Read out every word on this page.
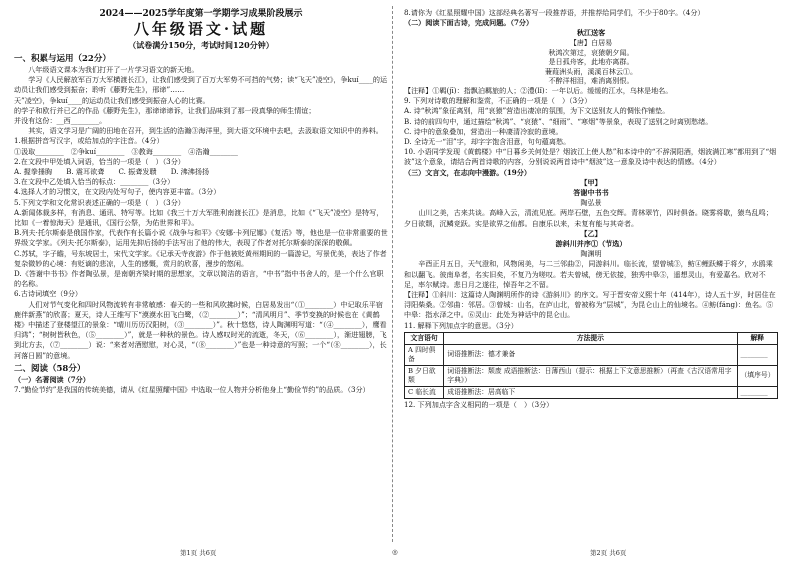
2024——2025学年度第一学期学习成果阶段展示
八年级语文·试题
（试卷满分150分，考试时间120分钟）
一、积累与运用（22分）
八年级语文课本为我们打开了一片学习语文的新天地。
学习《人民解放军百万大军横渡长江》，让我们感受到了百万大军势不可挡的气势；读“飞天”凌空》，争kuí____的运动员让我们感受到振奋；聆听《藤野先生》，邢谛”……
天”凌空》，争kuí____的运动员让我们感受到振奋人心的比赛。
的学子和欧行并已乙的作品《藤野先生》，那谛谛谛诉，让我们品味到了那一段真挚的师生情谊；
并没有这份：__西________。
其实，语文学习是广阔的田地在召开，到生活的浩瀚③海洋里，到大语文环境中去吧，去汲取语文知识中的养料。
1.根据拼音写汉字，或给加点的字注音。（4分）
①汲取________　②争kuí________　③教诲________　④浩瀚________
2.在文段中甲处填入词语，恰当的一项是（　）（3分）
A. 握拳捶胸　　B. 震耳欲聋　　C. 振聋发聩　　D. 沸沸扬扬
3.在文段中乙处填入恰当的标点：________（3分）
4.选择人才的习惯文，在文段内处写句子，使内容更丰富。（3分）
5.下列文学和文化常识表述正确的一项是（　）（3分）
A.新闻体裁多样，有消息、通讯、特写等。比如《我三十万大军胜利南渡长江》是消息，比如《“飞天”凌空》是特写，比如《一着惊海天》是通讯，《国行公祭，为佑世界和平》。
B.列夫·托尔斯泰是俄国作家，代表作有长篇小说《战争与和平》《安娜·卡列尼娜》《复活》等，他也是一位非常重要的世界级文学家。《列夫·托尔斯泰》，运用先抑后扬的手法写出了他的伟大，表现了作者对托尔斯泰的深深的敬佩。
C.苏轼，字子瞻，号东坡居士，宋代文学家。《记承天寺夜游》作于他被贬黄州期间的一篇游记，写景优美，表达了作者复杂微妙的心境：有贬谪的悲凉，人生的感慨，赏月的欣喜，漫步的悠闲。
D.《答谢中书书》作者陶弘景，是南朝齐梁时期的思想家，文章以简洁的语言，“中书”指中书舍人的，是一个什么官职的名称。
6.古诗词填空（9分）
人们对节气变化和四时风物流转有非常敏感：春天的一些和风吹拂时候，白居易发出“（①________）中记取乐平宿鹿伴新燕”的欣喜；夏天，诗人王维写下“漠漠水田飞白鹭，（②________）”；“清风明月”、季节变换的时候也在《黄鹤楼》中描述了登楼望江的景象：“晴川历历汉阳树，（③________）”。秋十悠悠，诗人陶渊明写道：“（④________），鹰看归鸿”；“树树皆秋色，（⑤________）”，就是一种秋的景色。诗人感叹时光的流逝，冬天，（⑥________），渐进翅膀，飞到北方去，（⑦________）说：“来者对酒慰慰，对心灵，“（⑧________）”也是一种诗意的写照；一个“（⑧________），长河落日圆”的意境。
二、阅读（58分）
（一）名著阅读（7分）
7.“勤俭节约”是我国的传统美德，请从《红星照耀中国》中选取一位人物并分析他身上“勤俭节约”的品质。（3分）
8.请你为《红星照耀中国》这部经典名著写一段推荐语，并推荐给同学们，不少于80字。（4分）
（二）阅读下面古诗，完成问题。（7分）
秋江送客
【唐】白居易
秋鸿次第过，哀猿朝夕闻。
是日孤舟客，此地亦离群。
蒹葭洲头雨，溪溪百林云①。
不醉洋相泪，难消离别恨。
【注释】①羁(jī)：指飘泊羁旅的人；②澧(lǐ)：一年以后。缓缓的江水，乌林是地名。
9. 下列对诗歌的理解和鉴赏，不正确的一项是（　）（3分）
A. 诗“秋鸿”象征离别，用“哀猿”营造出凄凉的氛围，为下文送别友人的惆怅作铺垫。
B. 诗的前四句中，通过描绘“秋鸿”、“哀猿”、“细雨”、“寒烟”等景象，表现了送别之时离别愁绪。
C. 诗中的意象叠加，营造出一种凄清冷寂的意境。
D. 全诗无一“泪”字，却字字饱含泪意，句句蕴离愁。
10. 小语同学发现《黄鹤楼》中“日暮乡关何处是？烟波江上使人愁”和本诗中的“不辞洞阳酒，烟波满江寒”都用到了“烟波”这个意象，请结合两首诗歌的内容，分别说说两首诗中“烟波”这一意象及诗中表达的情感。（4分）
（三）文言文，在志向中漫游。（19分）
【甲】
答谢中书书
陶弘景
山川之美，古来共谈。高峰入云，清流见底。两岸石壁，五色交辉。青林翠竹，四时俱备。晓雾将歇，猿鸟乱鸣；夕日欲颓，沉鳞竞跃。实是欲界之仙都。自康乐以来，未复有能与其奇者。
【乙】
游斜川并序①（节选）
陶渊明
辛酉正月五日，天气澄和，风物闲美，与二三邻曲②，同游斜川。临长流，望曾城③，鲂④鲤跃鳞于将夕，水鸥乘和以翻飞。彼南阜者，名实旧矣，不复乃为嗟叹。若夫曾城，傍无依接，独秀中皋⑤，遥想灵山，有爱嘉名。欣对不足，率尔赋诗。悲日月之遂往，悼吾年之不留。
【注释】①斜川：这篇诗人陶渊明所作的诗《游斜川》的序文。写于晋安帝义熙十年（414年），诗人五十岁，时居住在浔阳柴桑。②邻曲：邻居。③曾城：山名，在庐山北，曾被称为“层城”，为昆仑山上的仙境名。④鲂(fáng)：鱼名。⑤中皋：指水泽之中。⑥灵山：此处为神话中的昆仑山。
11. 解释下列加点字的意思。（3分）
文言语句	方法提示	解释
A 四时俱备	词语推断法：德才兼备	________
B 夕日欲颓	词语推断法：颓废 成语推断法：日薄西山（提示：根据上下文意思推断）（再查《古汉语常用字字典》）	（填序号）
C 临长流	成语推断法：居高临下	________
12. 下列加点字含义相同的一项是（　）（3分）
第1页 共6页	◎	第2页 共6页
